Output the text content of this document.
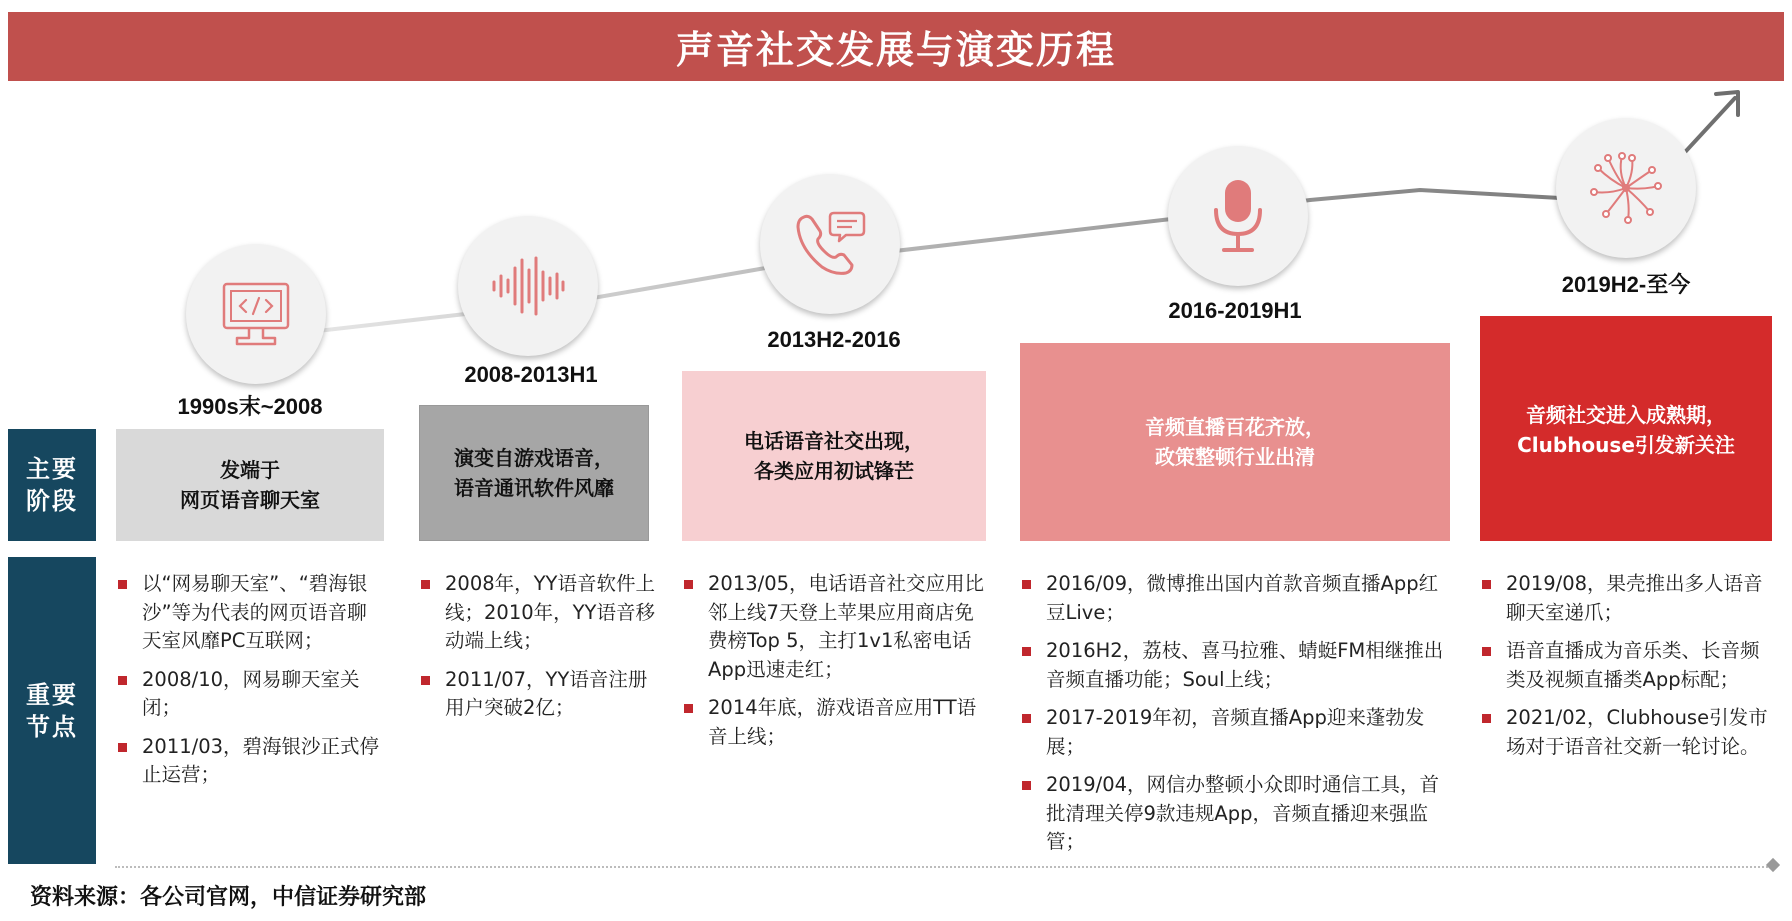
声音社交发展与演变历程
1990s末~2008
2008-2013H1
2013H2-2016
2016-2019H1
2019H2-至今
主要
阶段
重要
节点
发端于
网页语音聊天室
演变自游戏语音，
语音通讯软件风靡
电话语音社交出现，
各类应用初试锋芒
音频直播百花齐放，
政策整顿行业出清
音频社交进入成熟期，
Clubhouse引发新关注
以“网易聊天室”、“碧海银沙”等为代表的网页语音聊天室风靡PC互联网；
2008/10，网易聊天室关闭；
2011/03，碧海银沙正式停止运营；
2008年，YY语音软件上线；2010年，YY语音移动端上线；
2011/07，YY语音注册用户突破2亿；
2013/05，电话语音社交应用比邻上线7天登上苹果应用商店免费榜Top 5，主打1v1私密电话App迅速走红；
2014年底，游戏语音应用TT语音上线；
2016/09，微博推出国内首款音频直播App红豆Live；
2016H2，荔枝、喜马拉雅、蜻蜓FM相继推出音频直播功能；Soul上线；
2017-2019年初，音频直播App迎来蓬勃发展；
2019/04，网信办整顿小众即时通信工具，首批清理关停9款违规App，音频直播迎来强监管；
2019/08，果壳推出多人语音聊天室递爪；
语音直播成为音乐类、长音频类及视频直播类App标配；
2021/02，Clubhouse引发市场对于语音社交新一轮讨论。
资料来源：各公司官网，中信证券研究部
